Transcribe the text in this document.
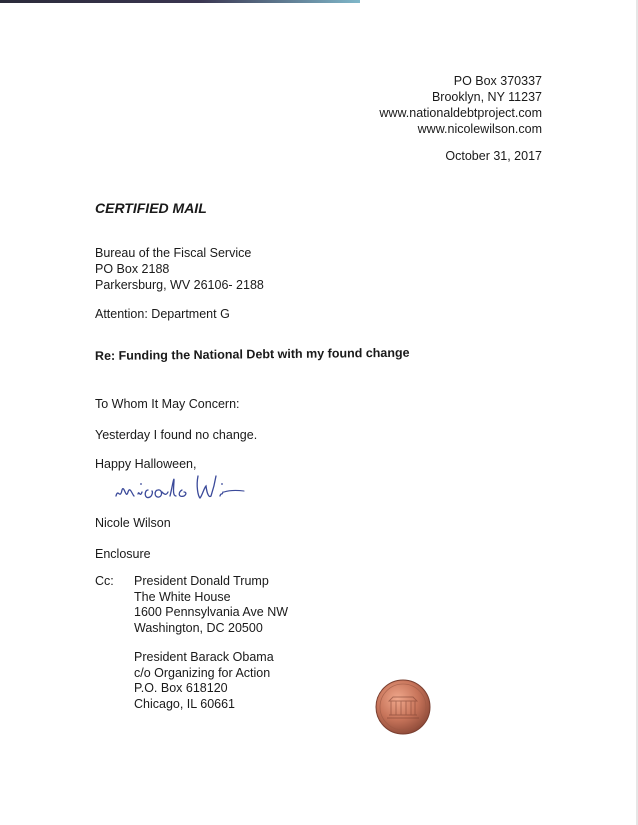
PO Box 370337
Brooklyn, NY 11237
www.nationaldebtproject.com
www.nicolewilson.com
October 31, 2017
CERTIFIED MAIL
Bureau of the Fiscal Service
PO Box 2188
Parkersburg, WV 26106- 2188
Attention: Department G
Re: Funding the National Debt with my found change
To Whom It May Concern:
Yesterday I found no change.
Happy Halloween,
Nicole Wilson
Enclosure
Cc: President Donald Trump
The White House
1600 Pennsylvania Ave NW
Washington, DC 20500
President Barack Obama
c/o Organizing for Action
P.O. Box 618120
Chicago, IL 60661
